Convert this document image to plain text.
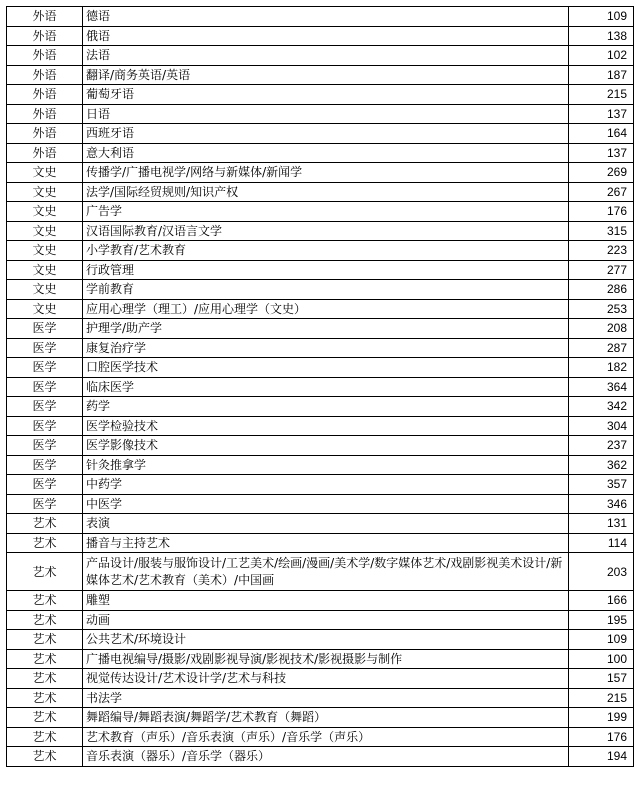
外语	德语	109
外语	俄语	138
外语	法语	102
外语	翻译/商务英语/英语	187
外语	葡萄牙语	215
外语	日语	137
外语	西班牙语	164
外语	意大利语	137
文史	传播学/广播电视学/网络与新媒体/新闻学	269
文史	法学/国际经贸规则/知识产权	267
文史	广告学	176
文史	汉语国际教育/汉语言文学	315
文史	小学教育/艺术教育	223
文史	行政管理	277
文史	学前教育	286
文史	应用心理学（理工）/应用心理学（文史）	253
医学	护理学/助产学	208
医学	康复治疗学	287
医学	口腔医学技术	182
医学	临床医学	364
医学	药学	342
医学	医学检验技术	304
医学	医学影像技术	237
医学	针灸推拿学	362
医学	中药学	357
医学	中医学	346
艺术	表演	131
艺术	播音与主持艺术	114
艺术	产品设计/服装与服饰设计/工艺美术/绘画/漫画/美术学/数字媒体艺术/戏剧影视美术设计/新媒体艺术/艺术教育（美术）/中国画	203
艺术	雕塑	166
艺术	动画	195
艺术	公共艺术/环境设计	109
艺术	广播电视编导/摄影/戏剧影视导演/影视技术/影视摄影与制作	100
艺术	视觉传达设计/艺术设计学/艺术与科技	157
艺术	书法学	215
艺术	舞蹈编导/舞蹈表演/舞蹈学/艺术教育（舞蹈）	199
艺术	艺术教育（声乐）/音乐表演（声乐）/音乐学（声乐）	176
艺术	音乐表演（器乐）/音乐学（器乐）	194
